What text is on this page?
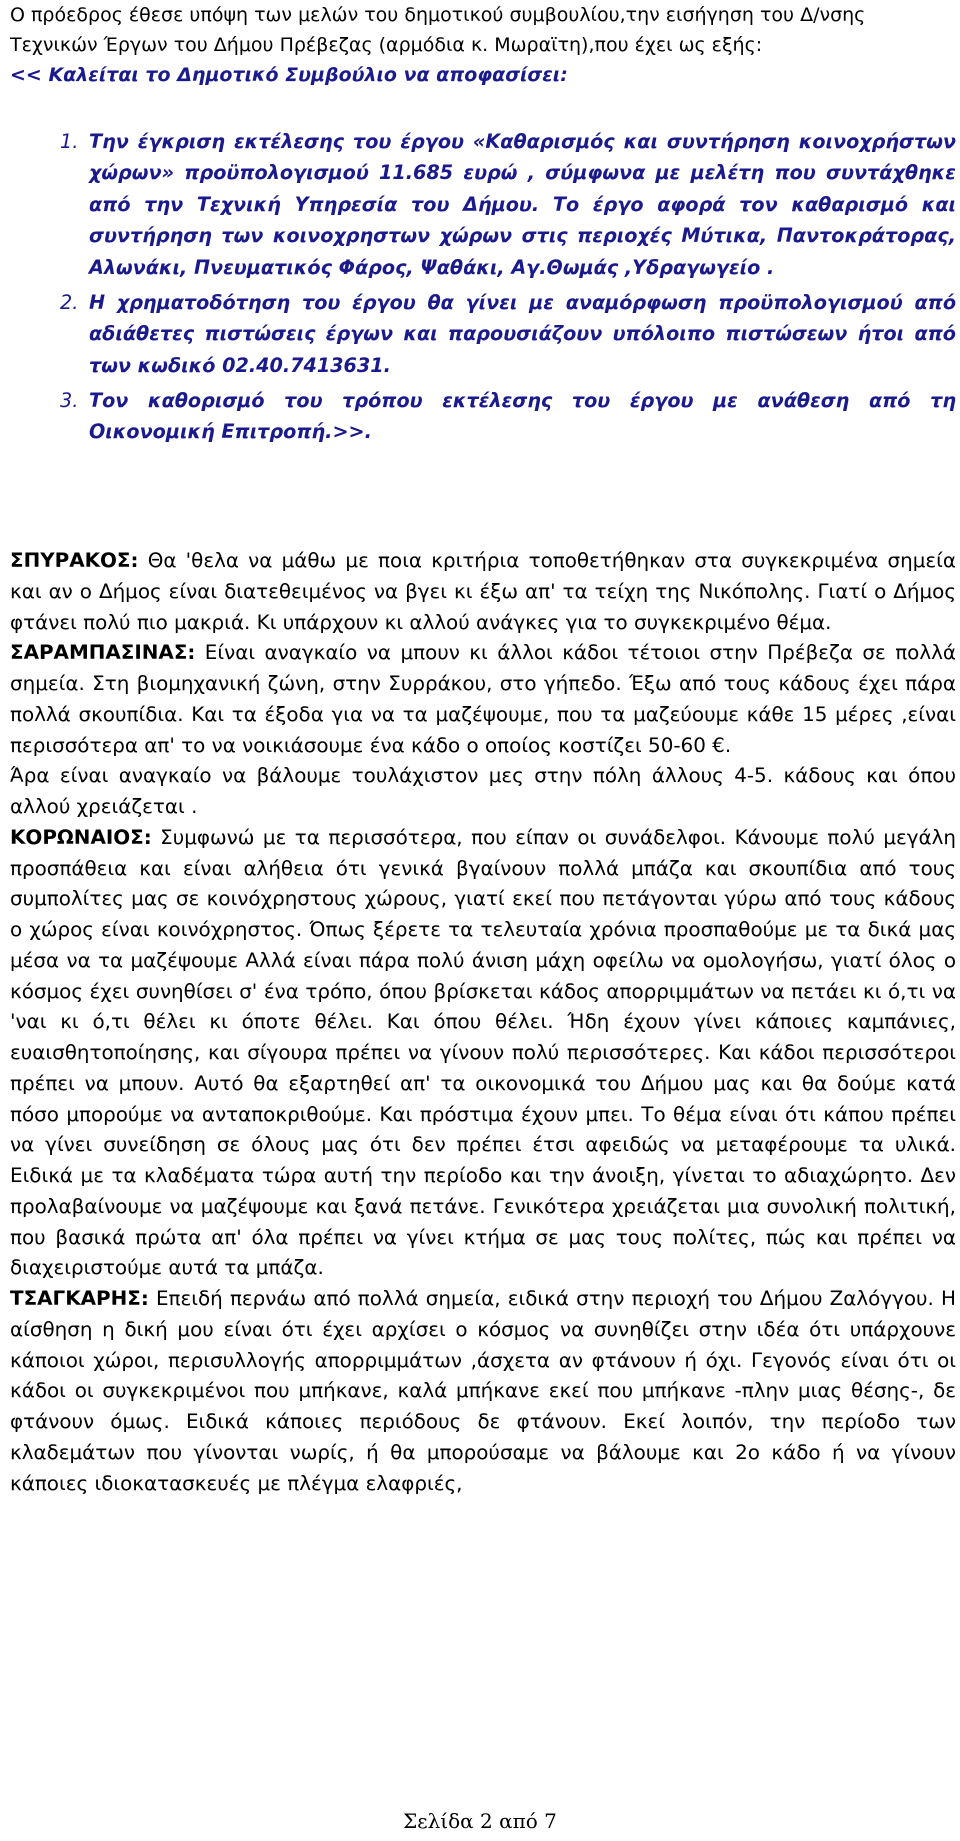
Ο πρόεδρος έθεσε υπόψη των μελών του δημοτικού συμβουλίου,την εισήγηση του Δ/νσης Τεχνικών Έργων του Δήμου Πρέβεζας (αρμόδια κ. Μωραϊτη),που έχει ως εξής:

<< Καλείται το Δημοτικό Συμβούλιο να αποφασίσει:

1. Την έγκριση εκτέλεσης του έργου «Καθαρισμός και συντήρηση κοινοχρήστων χώρων» προϋπολογισμού 11.685 ευρώ , σύμφωνα με μελέτη που συντάχθηκε από την Τεχνική Υπηρεσία του Δήμου. Το έργο αφορά τον καθαρισμό και συντήρηση των κοινοχρηστων χώρων στις περιοχές Μύτικα, Παντοκράτορας, Αλωνάκι, Πνευματικός Φάρος, Ψαθάκι, Αγ.Θωμάς ,Υδραγωγείο .
2. Η χρηματοδότηση του έργου θα γίνει με αναμόρφωση προϋπολογισμού από αδιάθετες πιστώσεις έργων και παρουσιάζουν υπόλοιπο πιστώσεων ήτοι από των κωδικό 02.40.7413631.
3. Τον καθορισμό του τρόπου εκτέλεσης του έργου με ανάθεση από τη Οικονομική Επιτροπή.>>.

ΣΠΥΡΑΚΟΣ: Θα 'θελα να μάθω με ποια κριτήρια τοποθετήθηκαν στα συγκεκριμένα σημεία και αν ο Δήμος είναι διατεθειμένος να βγει κι έξω απ' τα τείχη της Νικόπολης. Γιατί ο Δήμος φτάνει πολύ πιο μακριά. Κι υπάρχουν κι αλλού ανάγκες για το συγκεκριμένο θέμα.

ΣΑΡΑΜΠΑΣΙΝΑΣ: Είναι αναγκαίο να μπουν κι άλλοι κάδοι τέτοιοι στην Πρέβεζα σε πολλά σημεία. Στη βιομηχανική ζώνη, στην Συρράκου, στο γήπεδο. Έξω από τους κάδους έχει πάρα πολλά σκουπίδια. Και τα έξοδα για να τα μαζέψουμε, που τα μαζεύουμε κάθε 15 μέρες ,είναι περισσότερα απ' το να νοικιάσουμε ένα κάδο ο οποίος κοστίζει 50-60 €.

Άρα είναι αναγκαίο να βάλουμε τουλάχιστον μες στην πόλη άλλους 4-5. κάδους και όπου αλλού χρειάζεται .

ΚΟΡΩΝΑΙΟΣ: Συμφωνώ με τα περισσότερα, που είπαν οι συνάδελφοι. Κάνουμε πολύ μεγάλη προσπάθεια και είναι αλήθεια ότι γενικά βγαίνουν πολλά μπάζα και σκουπίδια από τους συμπολίτες μας σε κοινόχρηστους χώρους, γιατί εκεί που πετάγονται γύρω από τους κάδους ο χώρος είναι κοινόχρηστος. Όπως ξέρετε τα τελευταία χρόνια προσπαθούμε με τα δικά μας μέσα να τα μαζέψουμε Αλλά είναι πάρα πολύ άνιση μάχη οφείλω να ομολογήσω, γιατί όλος ο κόσμος έχει συνηθίσει σ' ένα τρόπο, όπου βρίσκεται κάδος απορριμμάτων να πετάει κι ό,τι να 'ναι κι ό,τι θέλει κι όποτε θέλει. Και όπου θέλει. Ήδη έχουν γίνει κάποιες καμπάνιες, ευαισθητοποίησης, και σίγουρα πρέπει να γίνουν πολύ περισσότερες. Και κάδοι περισσότεροι πρέπει να μπουν. Αυτό θα εξαρτηθεί απ' τα οικονομικά του Δήμου μας και θα δούμε κατά πόσο μπορούμε να ανταποκριθούμε. Και πρόστιμα έχουν μπει. Το θέμα είναι ότι κάπου πρέπει να γίνει συνείδηση σε όλους μας ότι δεν πρέπει έτσι αφειδώς να μεταφέρουμε τα υλικά. Ειδικά με τα κλαδέματα τώρα αυτή την περίοδο και την άνοιξη, γίνεται το αδιαχώρητο. Δεν προλαβαίνουμε να μαζέψουμε και ξανά πετάνε. Γενικότερα χρειάζεται μια συνολική πολιτική, που βασικά πρώτα απ' όλα πρέπει να γίνει κτήμα σε μας τους πολίτες, πώς και πρέπει να διαχειριστούμε αυτά τα μπάζα.

ΤΣΑΓΚΑΡΗΣ: Επειδή περνάω από πολλά σημεία, ειδικά στην περιοχή του Δήμου Ζαλόγγου. Η αίσθηση η δική μου είναι ότι έχει αρχίσει ο κόσμος να συνηθίζει στην ιδέα ότι υπάρχουνε κάποιοι χώροι, περισυλλογής απορριμμάτων ,άσχετα αν φτάνουν ή όχι. Γεγονός είναι ότι οι κάδοι οι συγκεκριμένοι που μπήκανε, καλά μπήκανε εκεί που μπήκανε -πλην μιας θέσης-, δε φτάνουν όμως. Ειδικά κάποιες περιόδους δε φτάνουν. Εκεί λοιπόν, την περίοδο των κλαδεμάτων που γίνονται νωρίς, ή θα μπορούσαμε να βάλουμε και 2ο κάδο ή να γίνουν κάποιες ιδιοκατασκευές με πλέγμα ελαφριές,

Σελίδα 2 από 7
